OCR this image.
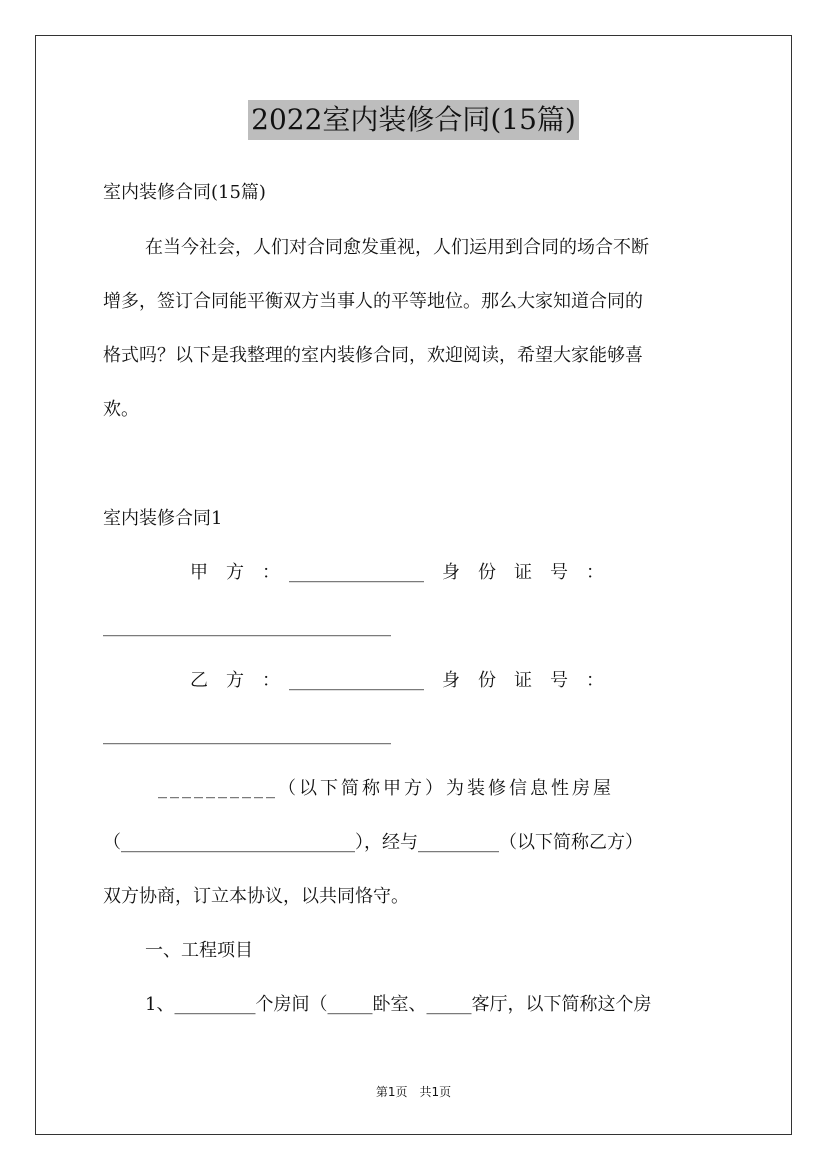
2022室内装修合同(15篇)
室内装修合同(15篇)
在当今社会，人们对合同愈发重视，人们运用到合同的场合不断
增多，签订合同能平衡双方当事人的平等地位。那么大家知道合同的
格式吗？以下是我整理的室内装修合同，欢迎阅读，希望大家能够喜
欢。
室内装修合同1
甲　方　：　_______________　身　份　证　号　：
________________________________
乙　方　：　_______________　身　份　证　号　：
________________________________
__________（以下简称甲方）为装修信息性房屋
（__________________________），经与_________（以下简称乙方）
双方协商，订立本协议，以共同恪守。
一、工程项目
1、_________个房间（_____卧室、_____客厅，以下简称这个房
第1页　共1页
